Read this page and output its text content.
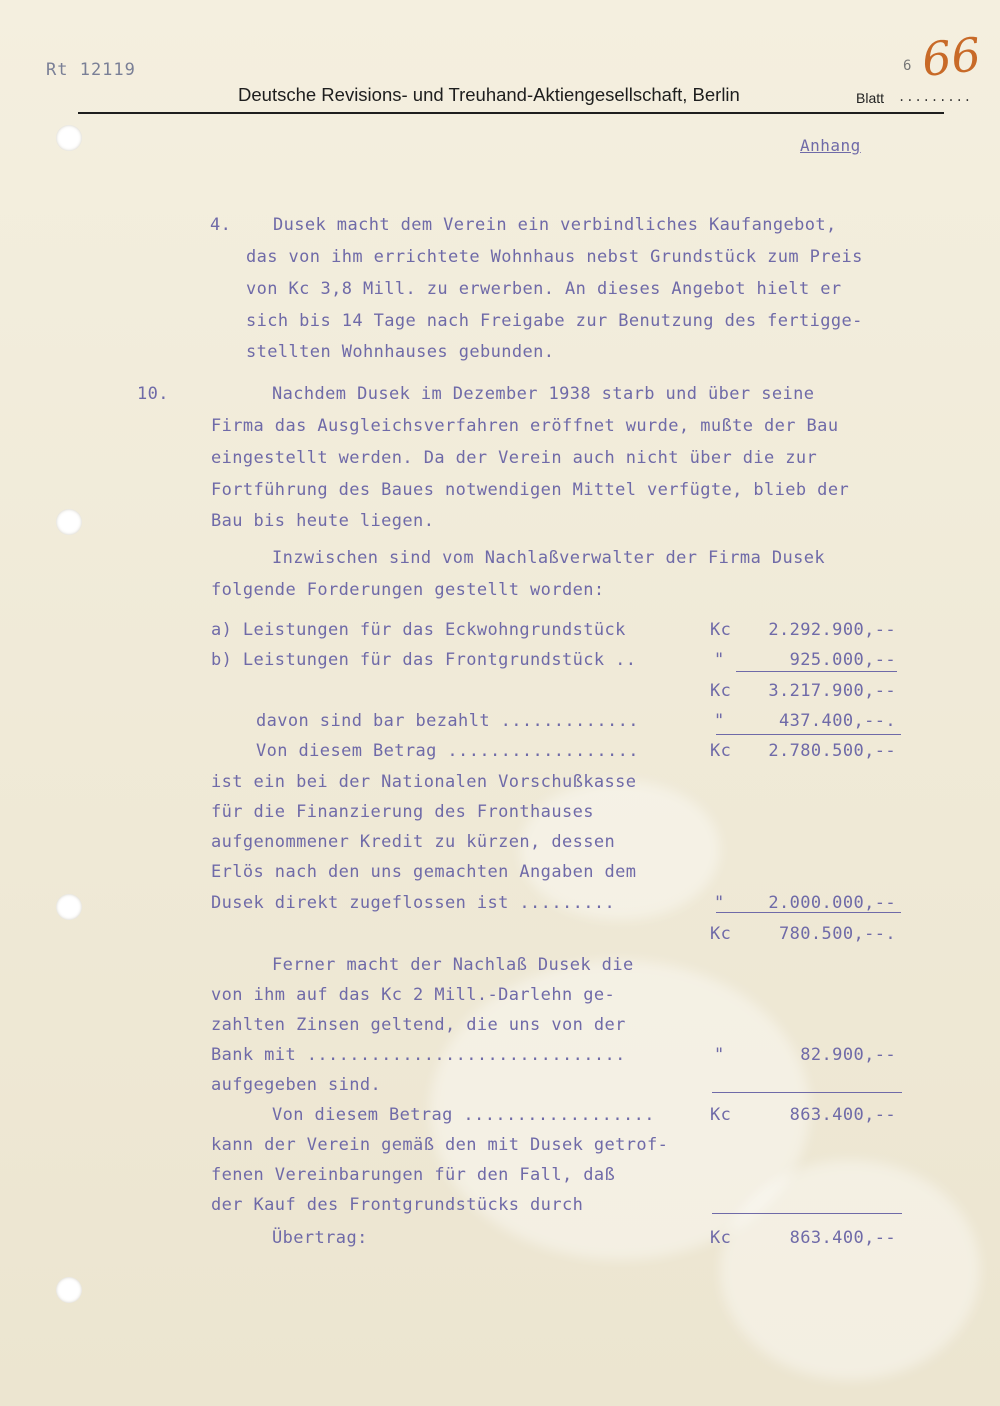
Rt 12119
Deutsche Revisions- und Treuhand-Aktiengesellschaft, Berlin
6 66
Blatt .........
Anhang
4. Dusek macht dem Verein ein verbindliches Kaufangebot,
das von ihm errichtete Wohnhaus nebst Grundstück zum Preis
von Kc 3,8 Mill. zu erwerben. An dieses Angebot hielt er
sich bis 14 Tage nach Freigabe zur Benutzung des fertigge-
stellten Wohnhauses gebunden.
10.	Nachdem Dusek im Dezember 1938 starb und über seine
Firma das Ausgleichsverfahren eröffnet wurde, mußte der Bau
eingestellt werden. Da der Verein auch nicht über die zur
Fortführung des Baues notwendigen Mittel verfügte, blieb der
Bau bis heute liegen.
Inzwischen sind vom Nachlaßverwalter der Firma Dusek
folgende Forderungen gestellt worden:
a) Leistungen für das Eckwohngrundstück	Kc 2.292.900,--
b) Leistungen für das Frontgrundstück ..	"	925.000,--
Kc 3.217.900,--
davon sind bar bezahlt .............	"	437.400,--.
Von diesem Betrag ..................	Kc 2.780.500,--
ist ein bei der Nationalen Vorschußkasse
für die Finanzierung des Fronthauses
aufgenommener Kredit zu kürzen, dessen
Erlös nach den uns gemachten Angaben dem
Dusek direkt zugeflossen ist .........	"	2.000.000,--
Kc	780.500,--.
Ferner macht der Nachlaß Dusek die
von ihm auf das Kc 2 Mill.-Darlehn ge-
zahlten Zinsen geltend, die uns von der
Bank mit ..............................	"	82.900,--
aufgegeben sind.
Von diesem Betrag ..................	Kc	863.400,--
kann der Verein gemäß den mit Dusek getrof-
fenen Vereinbarungen für den Fall, daß
der Kauf des Frontgrundstücks durch
Übertrag:	Kc	863.400,--
